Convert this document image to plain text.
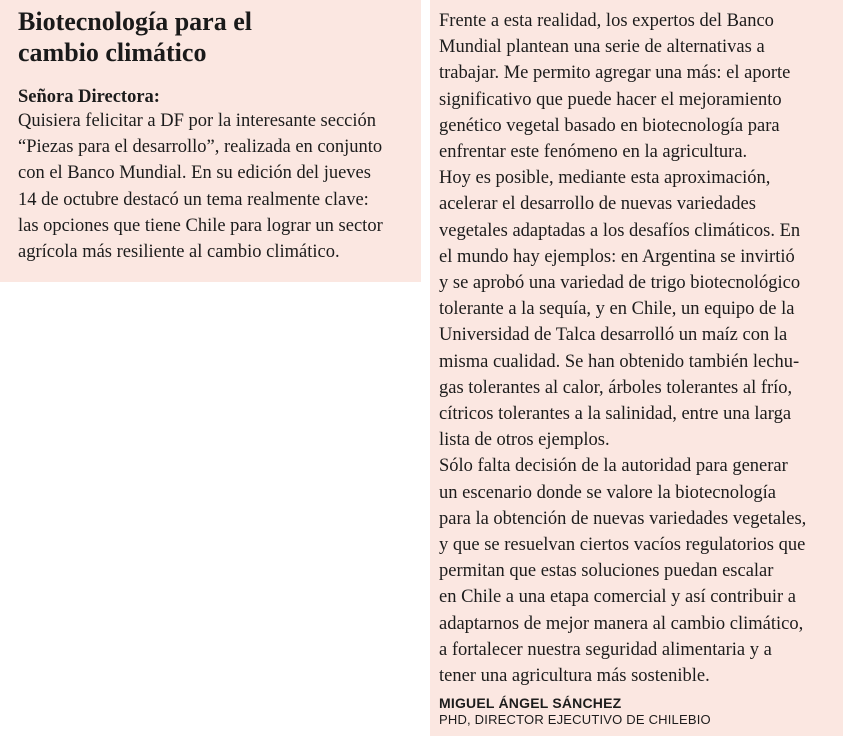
Biotecnología para el
cambio climático

Señora Directora:

Quisiera felicitar a DF por la interesante sección
“Piezas para el desarrollo”, realizada en conjunto
con el Banco Mundial. En su edición del jueves
14 de octubre destacó un tema realmente clave:
las opciones que tiene Chile para lograr un sector
agrícola más resiliente al cambio climático.
Frente a esta realidad, los expertos del Banco
Mundial plantean una serie de alternativas a
trabajar. Me permito agregar una más: el aporte
significativo que puede hacer el mejoramiento
genético vegetal basado en biotecnología para
enfrentar este fenómeno en la agricultura.
Hoy es posible, mediante esta aproximación,
acelerar el desarrollo de nuevas variedades
vegetales adaptadas a los desafíos climáticos. En
el mundo hay ejemplos: en Argentina se invirtió
y se aprobó una variedad de trigo biotecnológico
tolerante a la sequía, y en Chile, un equipo de la
Universidad de Talca desarrolló un maíz con la
misma cualidad. Se han obtenido también lechu-
gas tolerantes al calor, árboles tolerantes al frío,
cítricos tolerantes a la salinidad, entre una larga
lista de otros ejemplos.
Sólo falta decisión de la autoridad para generar
un escenario donde se valore la biotecnología
para la obtención de nuevas variedades vegetales,
y que se resuelvan ciertos vacíos regulatorios que
permitan que estas soluciones puedan escalar
en Chile a una etapa comercial y así contribuir a
adaptarnos de mejor manera al cambio climático,
a fortalecer nuestra seguridad alimentaria y a
tener una agricultura más sostenible.
MIGUEL ÁNGEL SÁNCHEZ
PHD, DIRECTOR EJECUTIVO DE CHILEBIO
